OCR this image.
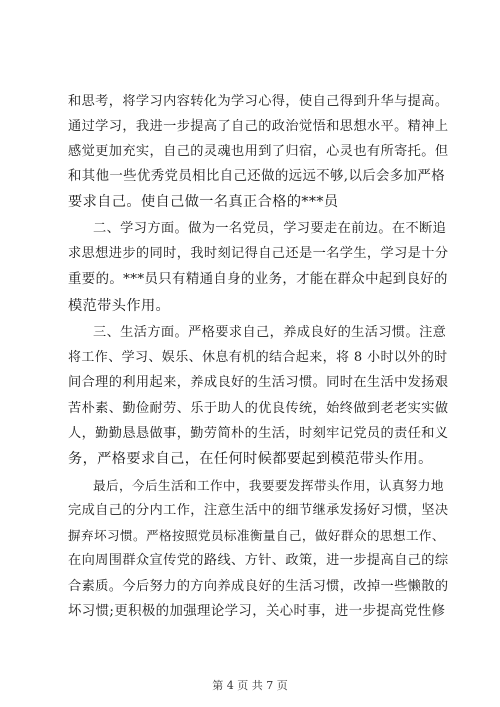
和思考，将学习内容转化为学习心得，使自己得到升华与提高。
通过学习，我进一步提高了自己的政治觉悟和思想水平。精神上
感觉更加充实，自己的灵魂也用到了归宿，心灵也有所寄托。但
和其他一些优秀党员相比自己还做的远远不够,以后会多加严格
要求自己。使自己做一名真正合格的***员
二、学习方面。做为一名党员，学习要走在前边。在不断追
求思想进步的同时，我时刻记得自己还是一名学生，学习是十分
重要的。***员只有精通自身的业务，才能在群众中起到良好的
模范带头作用。
三、生活方面。严格要求自己，养成良好的生活习惯。注意
将工作、学习、娱乐、休息有机的结合起来，将 8 小时以外的时
间合理的利用起来，养成良好的生活习惯。同时在生活中发扬艰
苦朴素、勤俭耐劳、乐于助人的优良传统，始终做到老老实实做
人，勤勤恳恳做事，勤劳简朴的生活，时刻牢记党员的责任和义
务，严格要求自己，在任何时候都要起到模范带头作用。
最后，今后生活和工作中，我要要发挥带头作用，认真努力地
完成自己的分内工作，注意生活中的细节继承发扬好习惯，坚决
摒弃坏习惯。严格按照党员标准衡量自己，做好群众的思想工作、
在向周围群众宣传党的路线、方针、政策，进一步提高自己的综
合素质。今后努力的方向养成良好的生活习惯，改掉一些懒散的
坏习惯;更积极的加强理论学习，关心时事，进一步提高党性修
第 4 页 共 7 页
